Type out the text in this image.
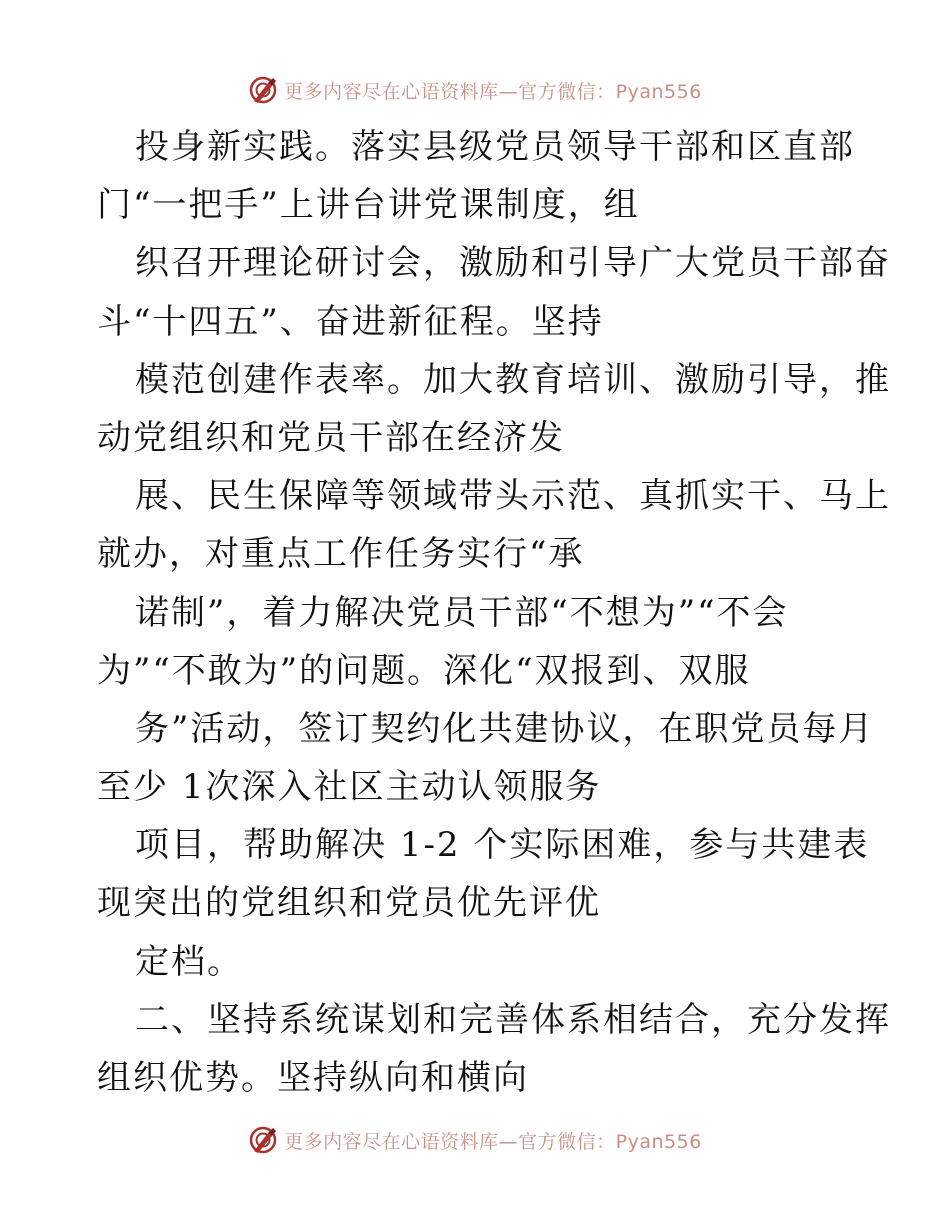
更多内容尽在心语资料库—官方微信：Pyan556
投身新实践。落实县级党员领导干部和区直部
门“一把手”上讲台讲党课制度，组
织召开理论研讨会，激励和引导广大党员干部奋
斗“十四五”、奋进新征程。坚持
模范创建作表率。加大教育培训、激励引导，推
动党组织和党员干部在经济发
展、民生保障等领域带头示范、真抓实干、马上
就办，对重点工作任务实行“承
诺制”，着力解决党员干部“不想为”“不会
为”“不敢为”的问题。深化“双报到、双服
务”活动，签订契约化共建协议，在职党员每月
至少 1次深入社区主动认领服务
项目，帮助解决 1-2 个实际困难，参与共建表
现突出的党组织和党员优先评优
定档。
二、坚持系统谋划和完善体系相结合，充分发挥
组织优势。坚持纵向和横向
更多内容尽在心语资料库—官方微信：Pyan556
